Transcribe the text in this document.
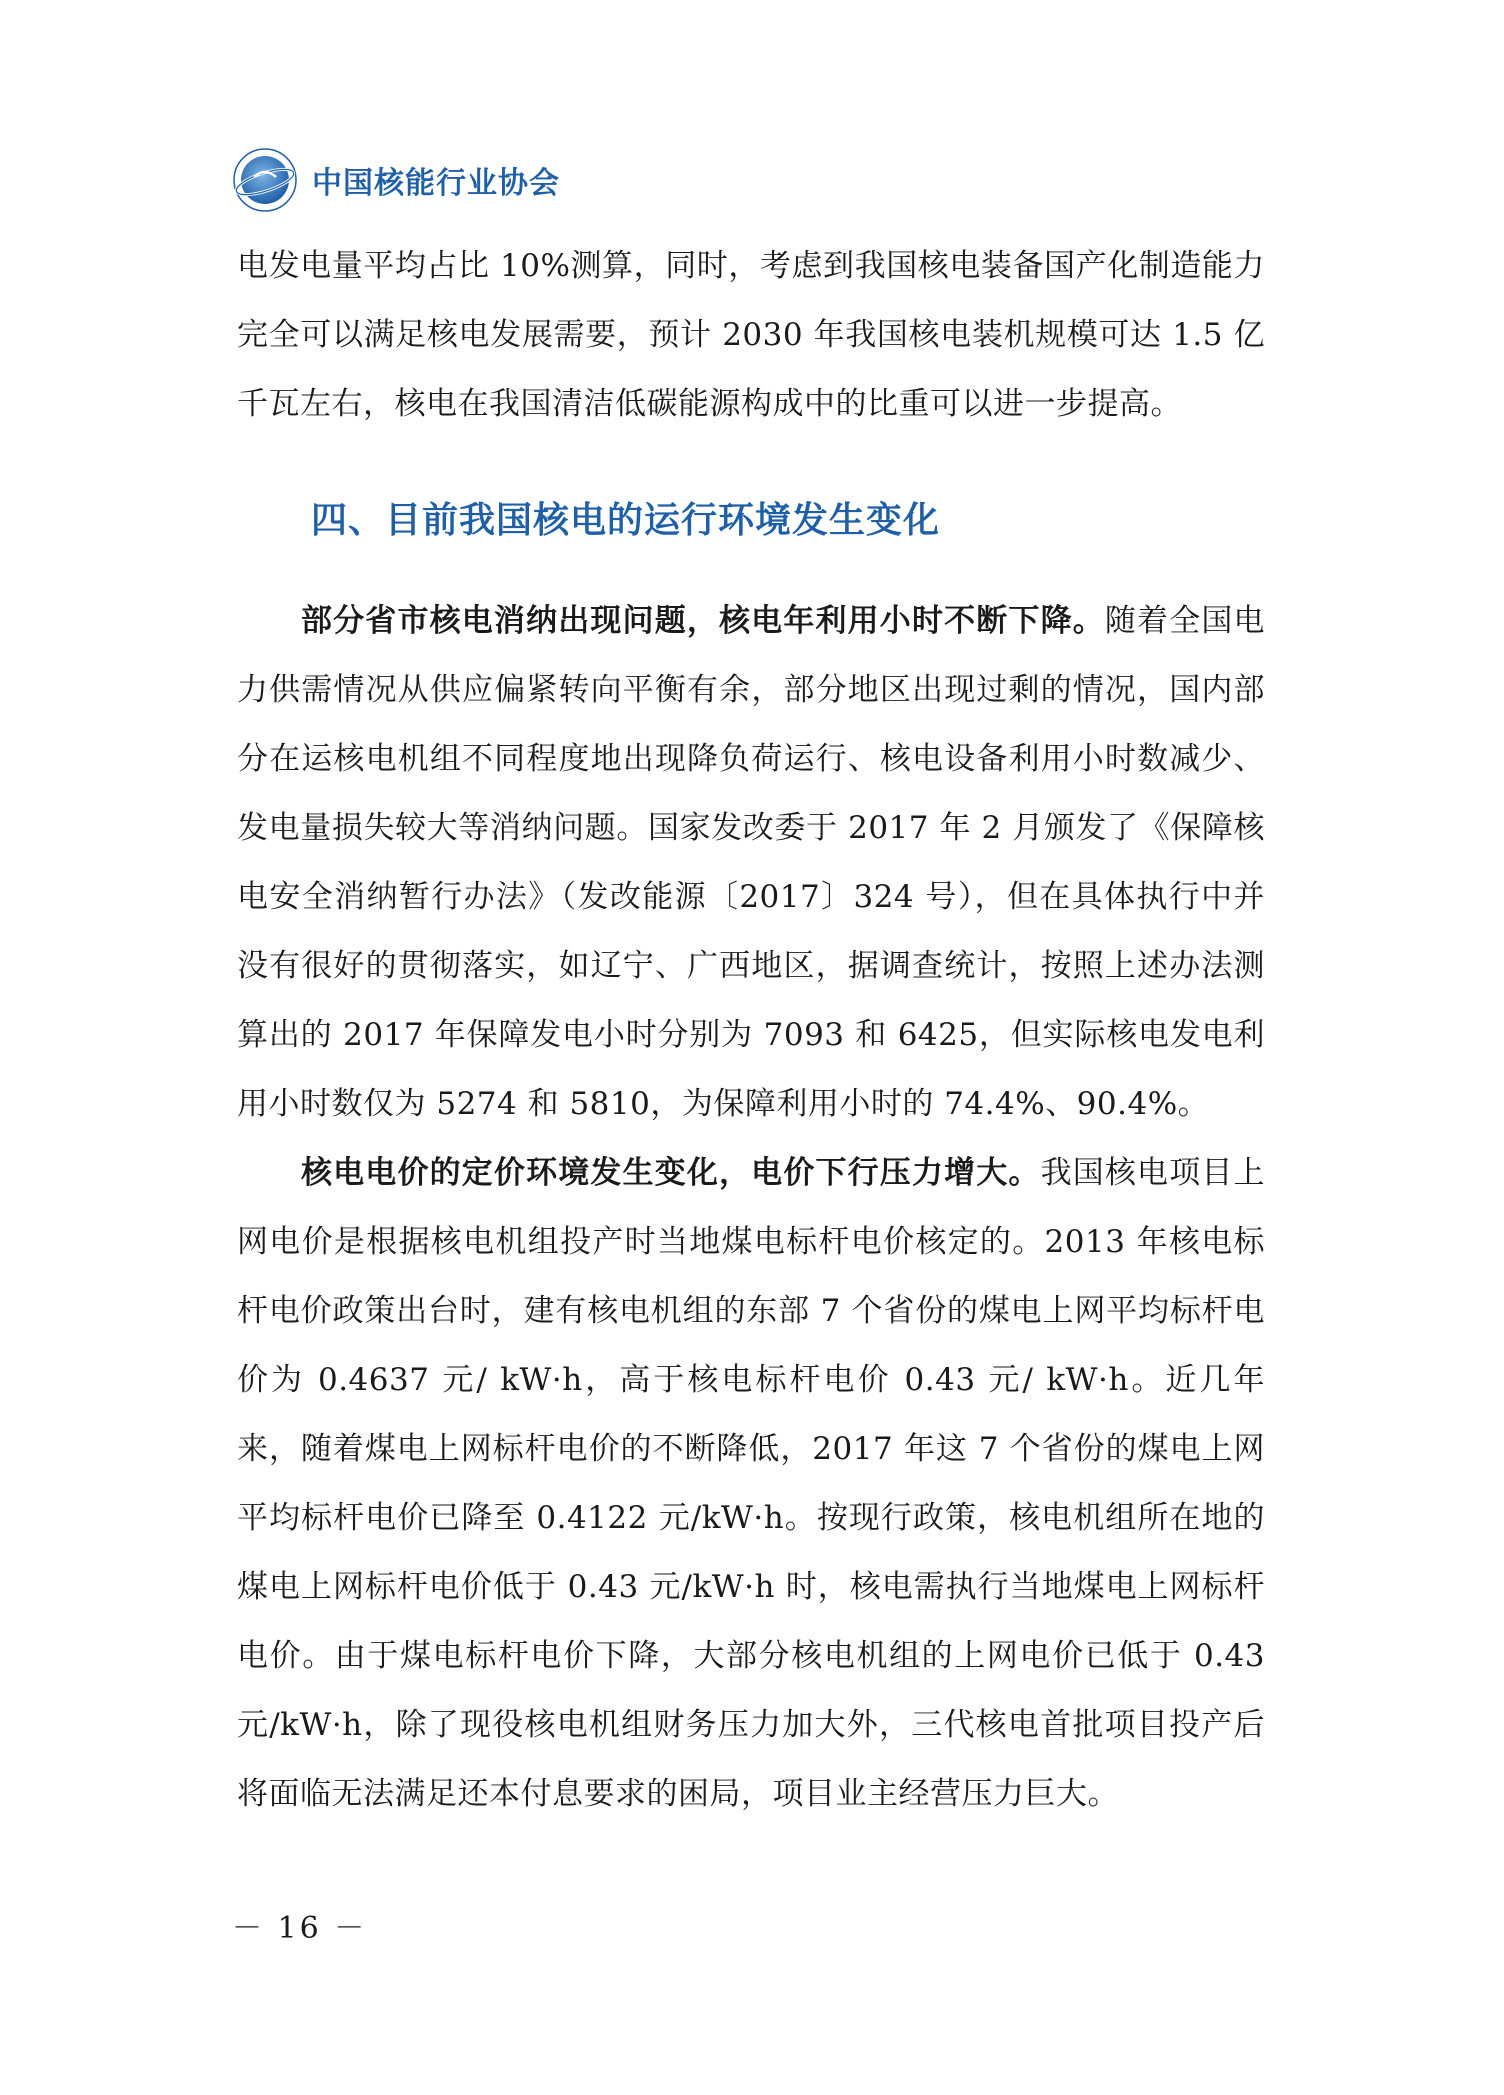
中国核能行业协会

电发电量平均占比 10%测算，同时，考虑到我国核电装备国产化制造能力完全可以满足核电发展需要，预计 2030 年我国核电装机规模可达 1.5 亿千瓦左右，核电在我国清洁低碳能源构成中的比重可以进一步提高。

四、目前我国核电的运行环境发生变化

部分省市核电消纳出现问题，核电年利用小时不断下降。随着全国电力供需情况从供应偏紧转向平衡有余，部分地区出现过剩的情况，国内部分在运核电机组不同程度地出现降负荷运行、核电设备利用小时数减少、发电量损失较大等消纳问题。国家发改委于 2017 年 2 月颁发了《保障核电安全消纳暂行办法》（发改能源〔2017〕324 号），但在具体执行中并没有很好的贯彻落实，如辽宁、广西地区，据调查统计，按照上述办法测算出的 2017 年保障发电小时分别为 7093 和 6425，但实际核电发电利用小时数仅为 5274 和 5810，为保障利用小时的 74.4%、90.4%。

核电电价的定价环境发生变化，电价下行压力增大。我国核电项目上网电价是根据核电机组投产时当地煤电标杆电价核定的。2013 年核电标杆电价政策出台时，建有核电机组的东部 7 个省份的煤电上网平均标杆电价为 0.4637 元/ kW·h，高于核电标杆电价 0.43 元/ kW·h。近几年来，随着煤电上网标杆电价的不断降低，2017 年这 7 个省份的煤电上网平均标杆电价已降至 0.4122 元/kW·h。按现行政策，核电机组所在地的煤电上网标杆电价低于 0.43 元/kW·h 时，核电需执行当地煤电上网标杆电价。由于煤电标杆电价下降，大部分核电机组的上网电价已低于 0.43 元/kW·h，除了现役核电机组财务压力加大外，三代核电首批项目投产后将面临无法满足还本付息要求的困局，项目业主经营压力巨大。

－ 16 －
